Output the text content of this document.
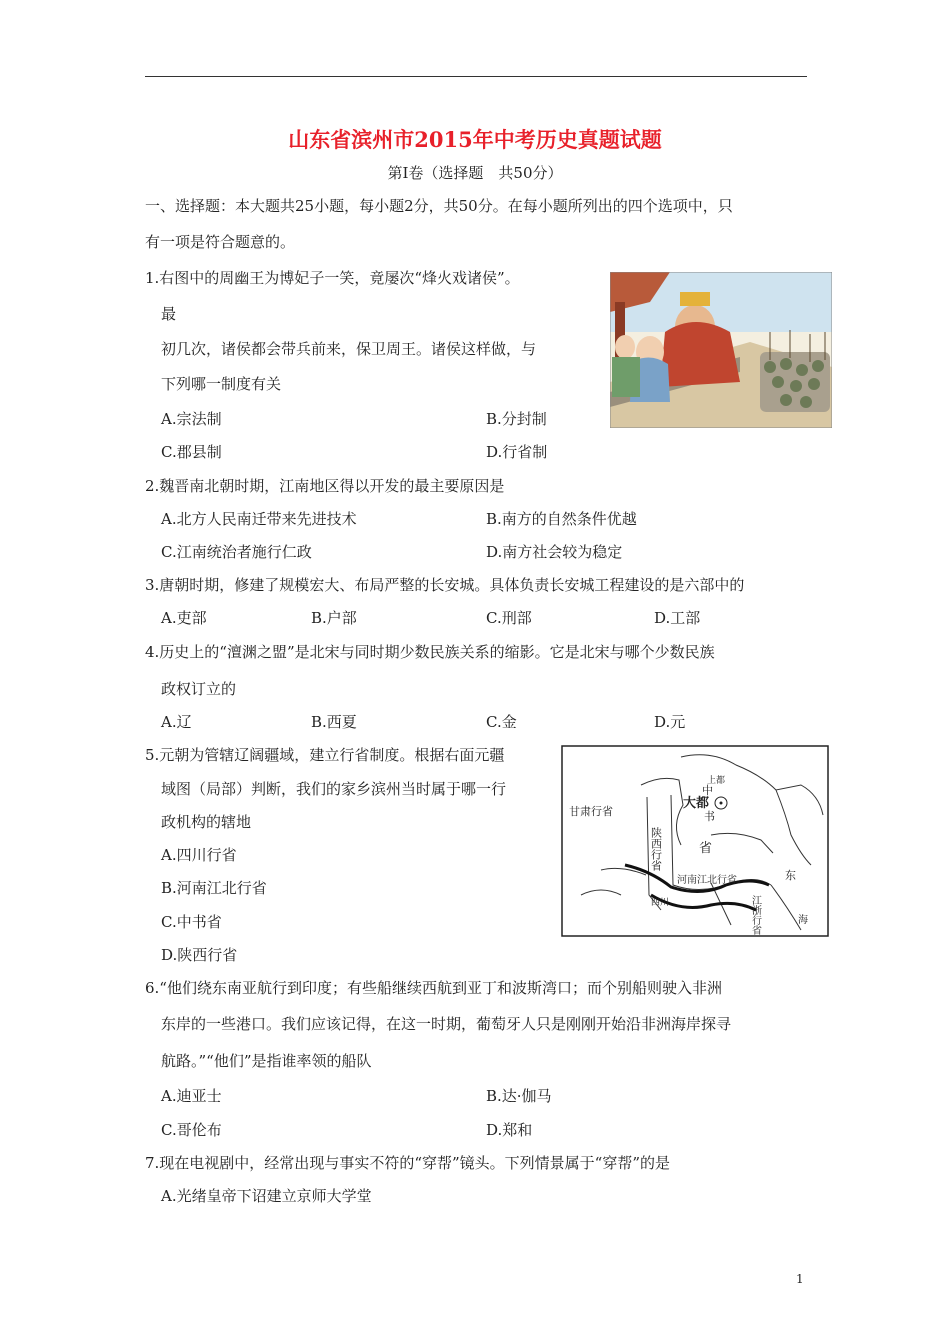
山东省滨州市2015年中考历史真题试题
第Ⅰ卷（选择题　共50分）
一、选择题：本大题共25小题，每小题2分，共50分。在每小题所列出的四个选项中，只
有一项是符合题意的。
1.右图中的周幽王为博妃子一笑，竟屡次“烽火戏诸侯”。
最
初几次，诸侯都会带兵前来，保卫周王。诸侯这样做，与
下列哪一制度有关
A.宗法制	B.分封制
C.郡县制	D.行省制
2.魏晋南北朝时期，江南地区得以开发的最主要原因是
A.北方人民南迁带来先进技术	B.南方的自然条件优越
C.江南统治者施行仁政	D.南方社会较为稳定
3.唐朝时期，修建了规模宏大、布局严整的长安城。具体负责长安城工程建设的是六部中的
A.吏部	B.户部	C.刑部	D.工部
4.历史上的“澶渊之盟”是北宋与同时期少数民族关系的缩影。它是北宋与哪个少数民族
政权订立的
A.辽	B.西夏	C.金	D.元
5.元朝为管辖辽阔疆域，建立行省制度。根据右面元疆
域图（局部）判断，我们的家乡滨州当时属于哪一行
政机构的辖地
A.四川行省
B.河南江北行省
C.中书省
D.陕西行省
甘肃行省
上都
中
大都
书
省
四川
河南江北行省	东
海
陕西行省
江浙行省
6.“他们绕东南亚航行到印度；有些船继续西航到亚丁和波斯湾口；而个别船则驶入非洲
东岸的一些港口。我们应该记得，在这一时期，葡萄牙人只是刚刚开始沿非洲海岸探寻
航路。”“他们”是指谁率领的船队
A.迪亚士	B.达·伽马
C.哥伦布	D.郑和
7.现在电视剧中，经常出现与事实不符的“穿帮”镜头。下列情景属于“穿帮”的是
A.光绪皇帝下诏建立京师大学堂
1
